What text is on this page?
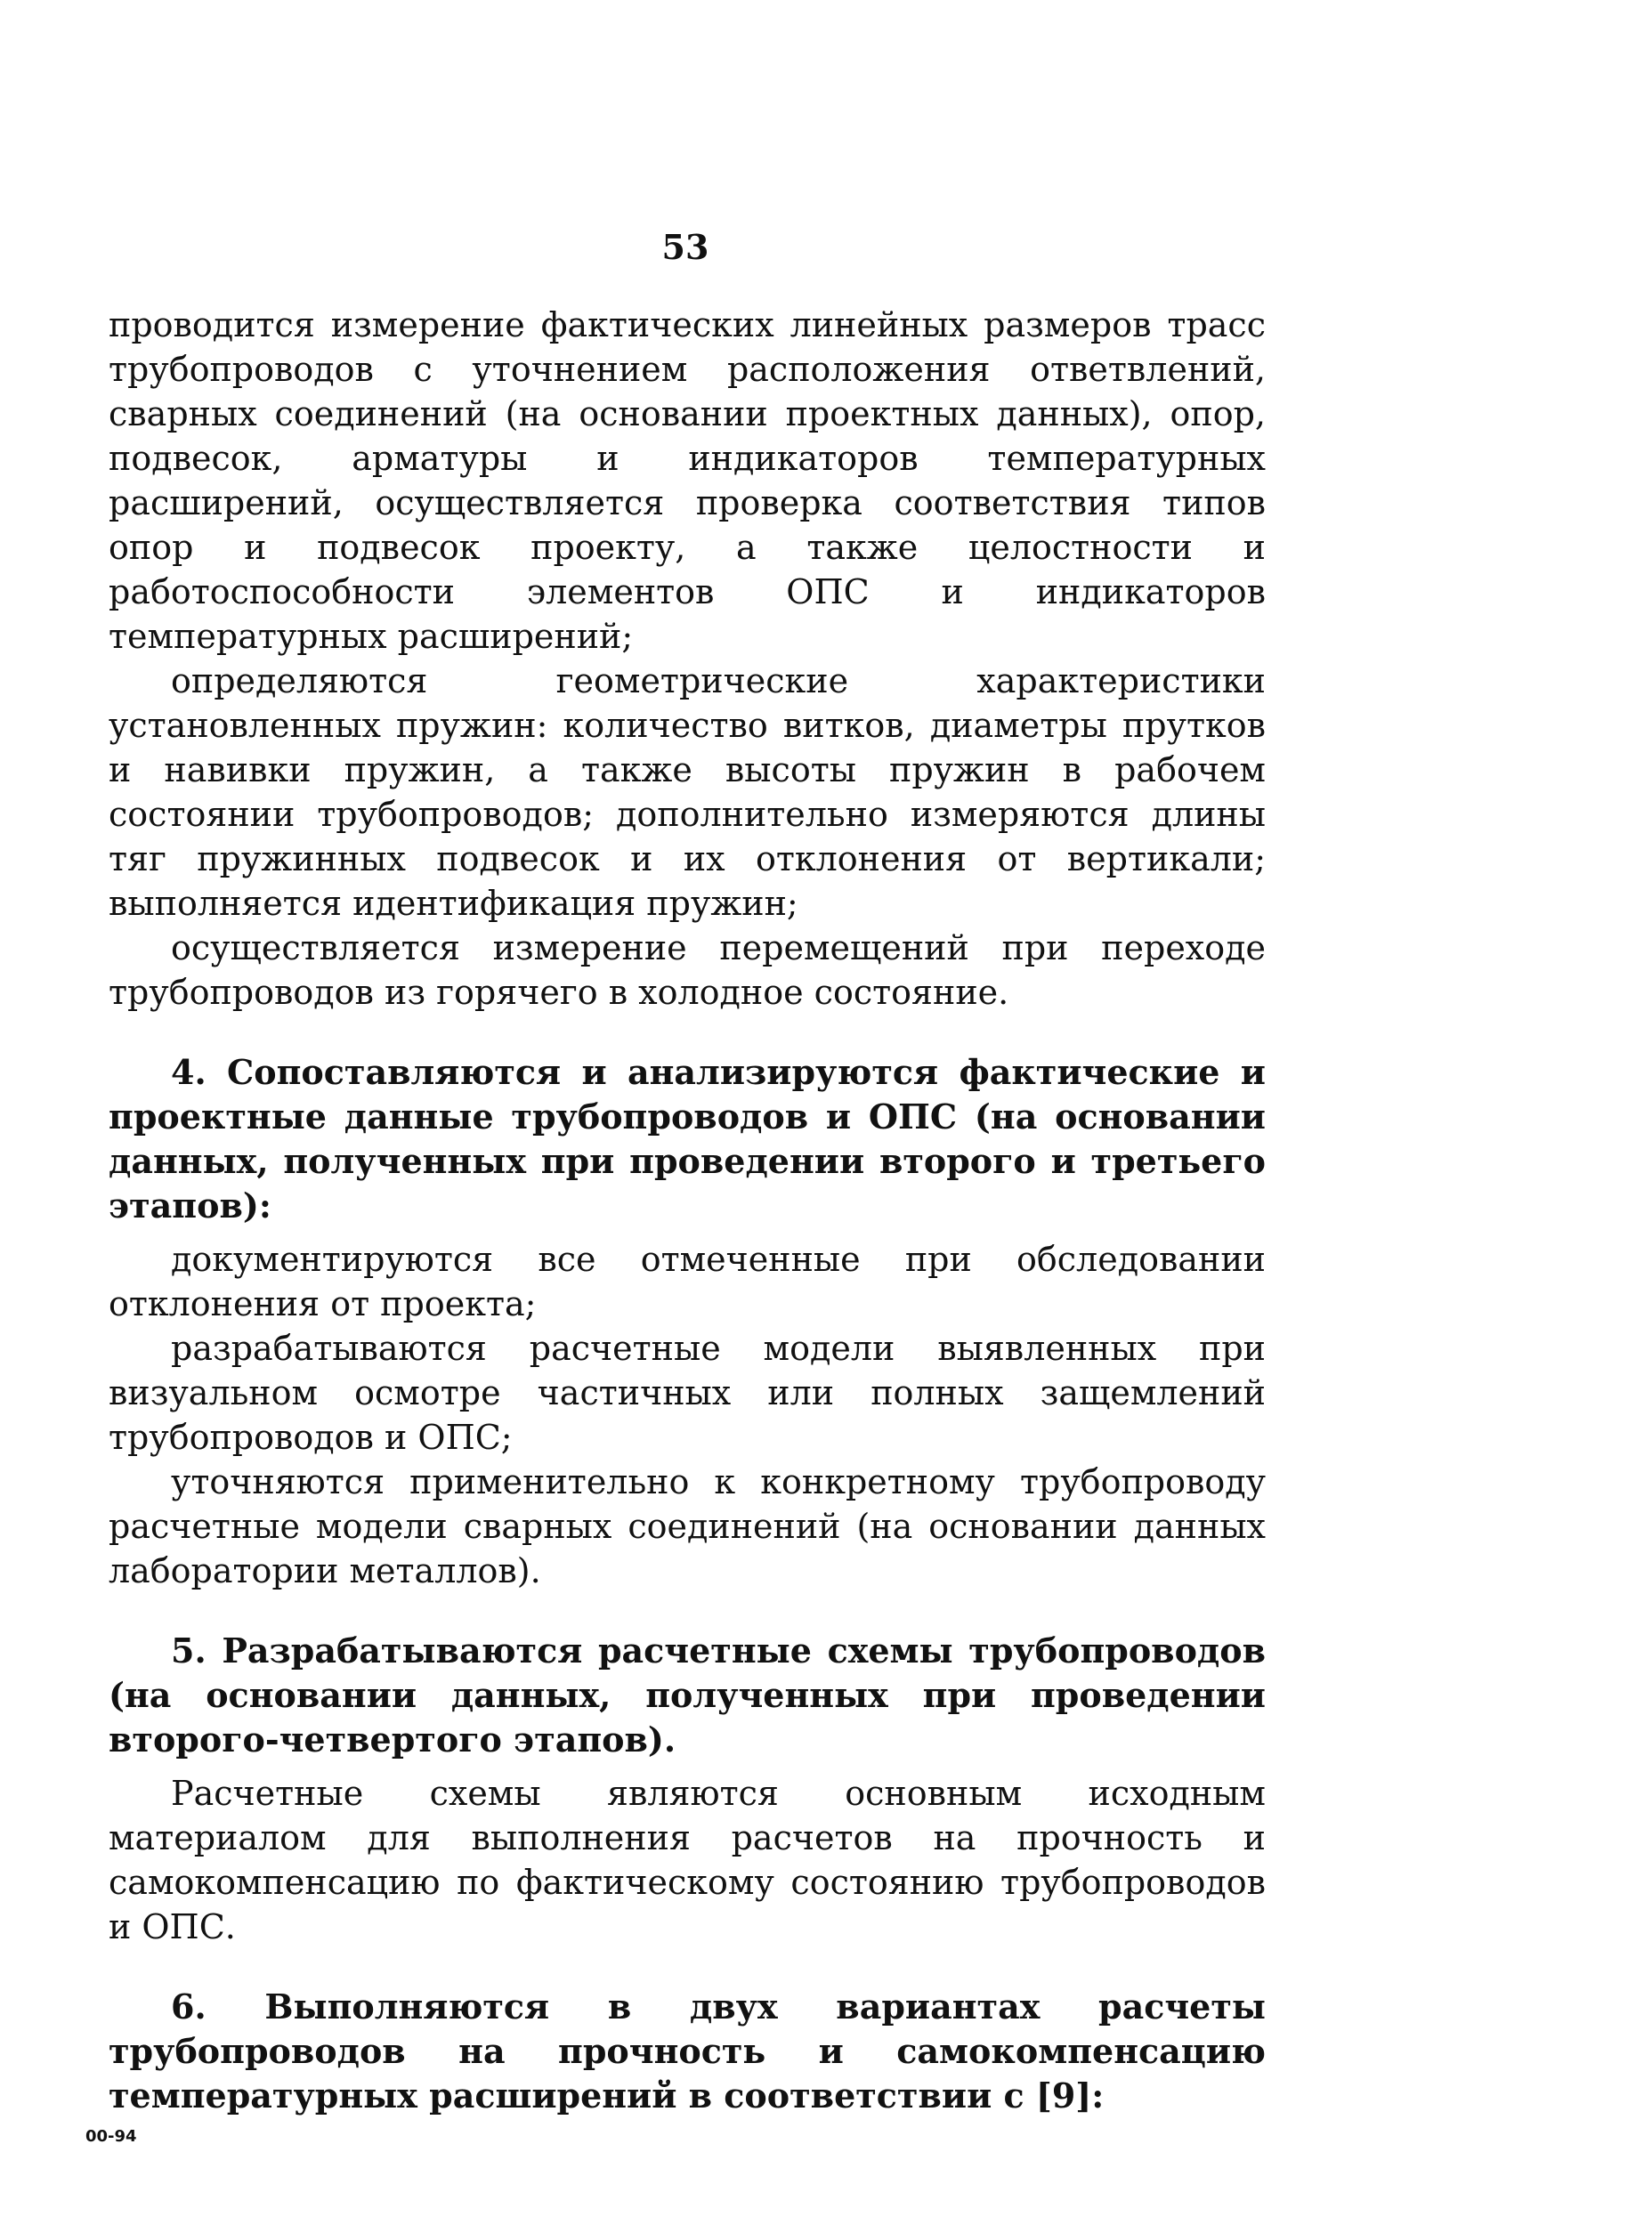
53

проводится измерение фактических линейных размеров трасс трубопроводов с уточнением расположения ответвлений, сварных соединений (на основании проектных данных), опор, подвесок, арматуры и индикаторов температурных расширений, осуществляется проверка соответствия типов опор и подвесок проекту, а также целостности и работоспособности элементов ОПС и индикаторов температурных расширений;

определяются геометрические характеристики установленных пружин: количество витков, диаметры прутков и навивки пружин, а также высоты пружин в рабочем состоянии трубопроводов; дополнительно измеряются длины тяг пружинных подвесок и их отклонения от вертикали; выполняется идентификация пружин;

осуществляется измерение перемещений при переходе трубопроводов из горячего в холодное состояние.

4. Сопоставляются и анализируются фактические и проектные данные трубопроводов и ОПС (на основании данных, полученных при проведении второго и третьего этапов):

документируются все отмеченные при обследовании отклонения от проекта;

разрабатываются расчетные модели выявленных при визуальном осмотре частичных или полных защемлений трубопроводов и ОПС;

уточняются применительно к конкретному трубопроводу расчетные модели сварных соединений (на основании данных лаборатории металлов).

5. Разрабатываются расчетные схемы трубопроводов (на основании данных, полученных при проведении второго-четвертого этапов).

Расчетные схемы являются основным исходным материалом для выполнения расчетов на прочность и самокомпенсацию по фактическому состоянию трубопроводов и ОПС.

6. Выполняются в двух вариантах расчеты трубопроводов на прочность и самокомпенсацию температурных расширений в соответствии с [9]:

00-94
